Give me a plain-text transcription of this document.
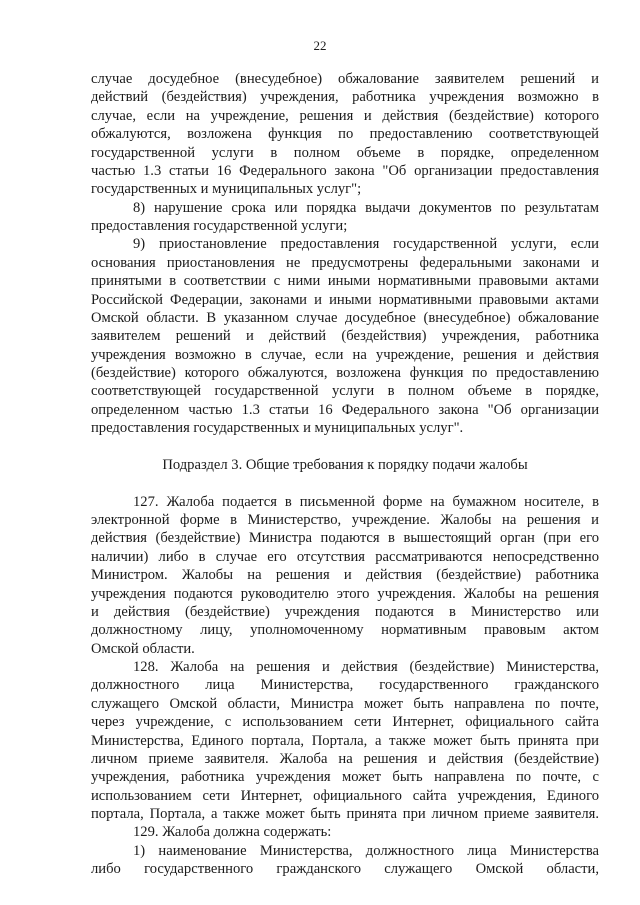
22
случае досудебное (внесудебное) обжалование заявителем решений и
действий (бездействия) учреждения, работника учреждения возможно в
случае, если на учреждение, решения и действия (бездействие) которого
обжалуются, возложена функция по предоставлению соответствующей
государственной услуги в полном объеме в порядке, определенном
частью 1.3 статьи 16 Федерального закона "Об организации предоставления
государственных и муниципальных услуг";
8) нарушение срока или порядка выдачи документов по результатам
предоставления государственной услуги;
9) приостановление предоставления государственной услуги, если
основания приостановления не предусмотрены федеральными законами и
принятыми в соответствии с ними иными нормативными правовыми актами
Российской Федерации, законами и иными нормативными правовыми актами
Омской области. В указанном случае досудебное (внесудебное) обжалование
заявителем решений и действий (бездействия) учреждения, работника
учреждения возможно в случае, если на учреждение, решения и действия
(бездействие) которого обжалуются, возложена функция по предоставлению
соответствующей государственной услуги в полном объеме в порядке,
определенном частью 1.3 статьи 16 Федерального закона "Об организации
предоставления государственных и муниципальных услуг".
Подраздел 3. Общие требования к порядку подачи жалобы
127. Жалоба подается в письменной форме на бумажном носителе, в
электронной форме в Министерство, учреждение. Жалобы на решения и
действия (бездействие) Министра подаются в вышестоящий орган (при его
наличии) либо в случае его отсутствия рассматриваются непосредственно
Министром. Жалобы на решения и действия (бездействие) работника
учреждения подаются руководителю этого учреждения. Жалобы на решения
и действия (бездействие) учреждения подаются в Министерство или
должностному лицу, уполномоченному нормативным правовым актом
Омской области.
128. Жалоба на решения и действия (бездействие) Министерства,
должностного лица Министерства, государственного гражданского
служащего Омской области, Министра может быть направлена по почте,
через учреждение, с использованием сети Интернет, официального сайта
Министерства, Единого портала, Портала, а также может быть принята при
личном приеме заявителя. Жалоба на решения и действия (бездействие)
учреждения, работника учреждения может быть направлена по почте, с
использованием сети Интернет, официального сайта учреждения, Единого
портала, Портала, а также может быть принята при личном приеме заявителя.
129. Жалоба должна содержать:
1) наименование Министерства, должностного лица Министерства
либо государственного гражданского служащего Омской области,
